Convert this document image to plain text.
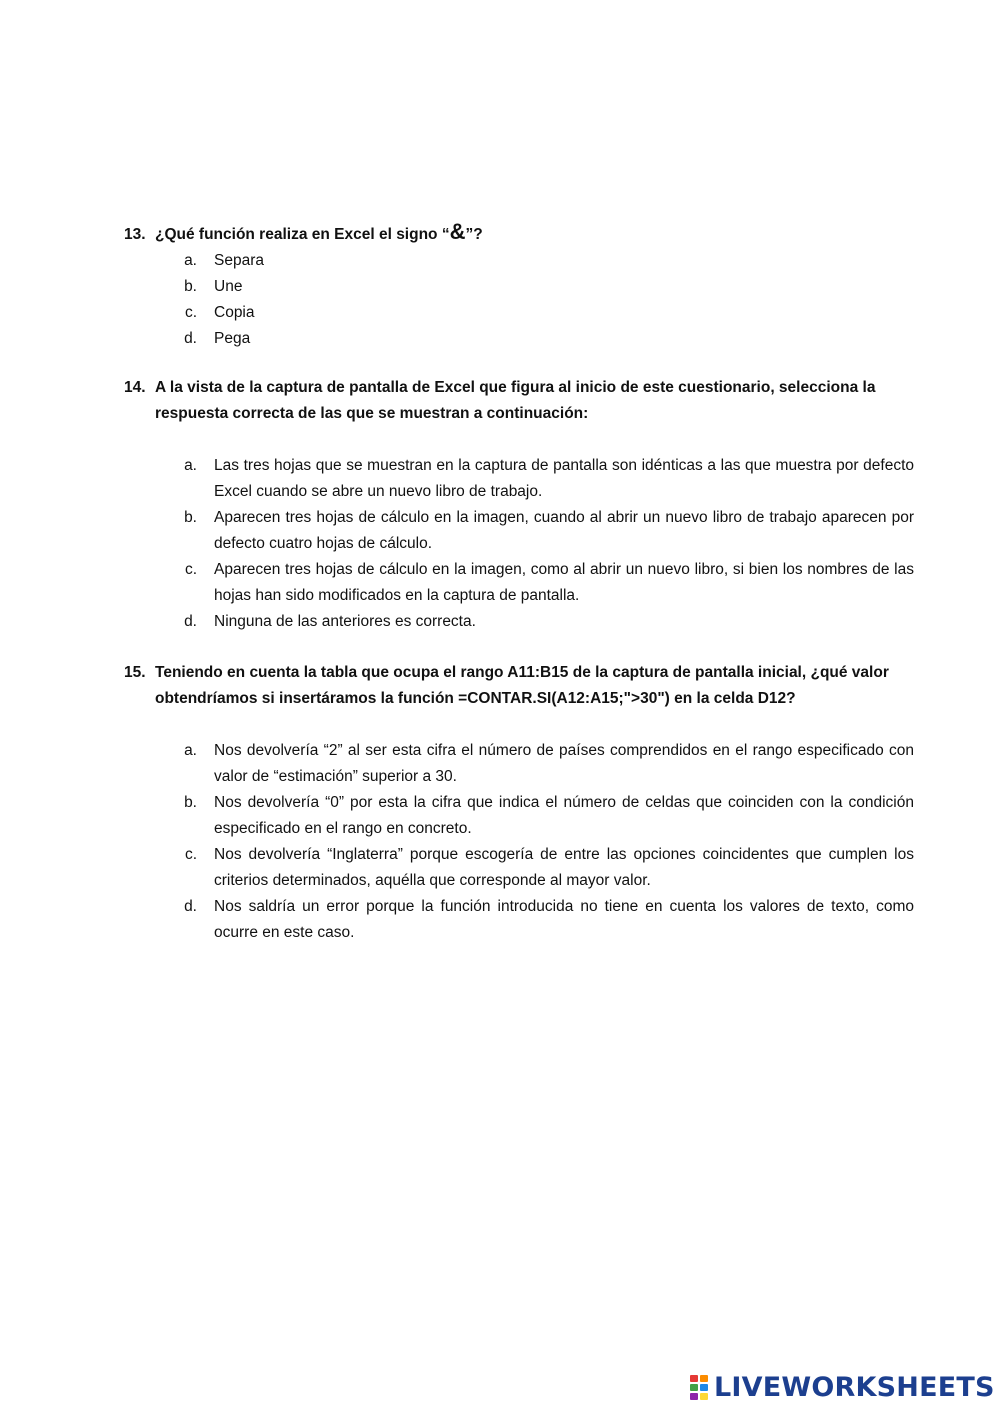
13. ¿Qué función realiza en Excel el signo “&”?
a.	Separa
b.	Une
c.	Copia
d.	Pega
14. A la vista de la captura de pantalla de Excel que figura al inicio de este cuestionario, selecciona la respuesta correcta de las que se muestran a continuación:
a.	Las tres hojas que se muestran en la captura de pantalla son idénticas a las que muestra por defecto Excel cuando se abre un nuevo libro de trabajo.
b.	Aparecen tres hojas de cálculo en la imagen, cuando al abrir un nuevo libro de trabajo aparecen por defecto cuatro hojas de cálculo.
c.	Aparecen tres hojas de cálculo en la imagen, como al abrir un nuevo libro, si bien los nombres de las hojas han sido modificados en la captura de pantalla.
d.	Ninguna de las anteriores es correcta.
15. Teniendo en cuenta la tabla que ocupa el rango A11:B15 de la captura de pantalla inicial, ¿qué valor obtendríamos si insertáramos la función =CONTAR.SI(A12:A15;">30") en la celda D12?
a.	Nos devolvería “2” al ser esta cifra el número de países comprendidos en el rango especificado con valor de “estimación” superior a 30.
b.	Nos devolvería “0” por esta la cifra que indica el número de celdas que coinciden con la condición especificado en el rango en concreto.
c.	Nos devolvería “Inglaterra” porque escogería de entre las opciones coincidentes que cumplen los criterios determinados, aquélla que corresponde al mayor valor.
d.	Nos saldría un error porque la función introducida no tiene en cuenta los valores de texto, como ocurre en este caso.
LIVEWORKSHEETS
